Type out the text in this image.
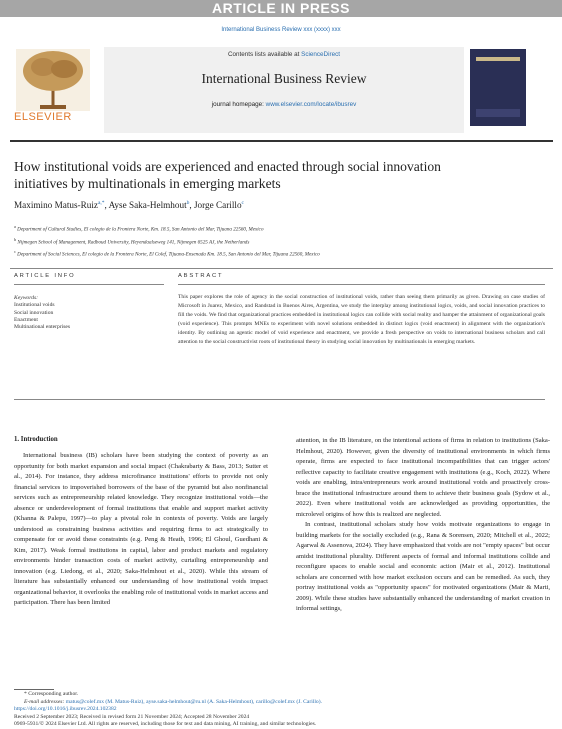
ARTICLE IN PRESS
International Business Review xxx (xxxx) xxx
ELSEVIER
Contents lists available at ScienceDirect
International Business Review
journal homepage: www.elsevier.com/locate/ibusrev
How institutional voids are experienced and enacted through social innovation initiatives by multinationals in emerging markets
Maximino Matus-Ruiz$^{a,*}$, Ayse Saka-Helmhout$^b$, Jorge Carillo$^c$
$^a$ Department of Cultural Studies, El colegio de la Frontera Norte, Km. 18.5, San Antonio del Mar, Tijuana 22560, Mexico
$^b$ Nijmegen School of Management, Radboud University, Heyendaalseweg 141, Nijmegen 6525 AJ, the Netherlands
$^c$ Department of Social Sciences, El colegio de la Frontera Norte, El Colef, Tijuana-Ensenada Km. 18.5, San Antonio del Mar, Tijuana 22560, Mexico
ARTICLE INFO	ABSTRACT
Keywords:
Institutional voids
Social innovation
Enactment
Multinational enterprises
This paper explores the role of agency in the social construction of institutional voids, rather than seeing them primarily as given. Drawing on case studies of Microsoft in Juarez, Mexico, and Randstad in Buenos Aires, Argentina, we study the interplay among institutional logics, voids, and social innovation practices to fill the voids. We find that organizational practices embedded in institutional logics can collide with social reality and hamper the attainment of organizational goals (void experience). This prompts MNEs to experiment with novel solutions embedded in distinct logics (void enactment) in alignment with the organization's identity. By outlining an agentic model of void experience and enactment, we provide a fresh perspective on voids to international business scholars and call attention to the social constructivist roots of institutional theory in studying social innovation by multinationals in emerging markets.
1. Introduction

International business (IB) scholars have been studying the context of poverty as an opportunity for both market expansion and social impact (Chakrabarty & Bass, 2013; Sutter et al., 2014). For instance, they address microfinance institutions' efforts to provide not only financial services to impoverished borrowers of the base of the pyramid but also nonfinancial services such as entrepreneurship related knowledge. They recognize institutional voids—the absence or underdevelopment of formal institutions that enable and support market activity (Khanna & Palepu, 1997)—to play a pivotal role in contexts of poverty. Voids are largely understood as constraining business activities and requiring firms to act strategically to compensate for or avoid these constraints (e.g. Peng & Heath, 1996; El Ghoul, Guedhani & Kim, 2017). Weak formal institutions in capital, labor and product markets and regulatory environments hinder transaction costs of market activity, curtailing entrepreneurship and innovation (e.g. Liedong, et al., 2020; Saka-Helmhout et al., 2020). While this stream of literature has substantially enhanced our understanding of how institutional voids impact organizational behavior, it overlooks the enabling role of institutional voids in market access and participation. There has been limited

attention, in the IB literature, on the intentional actions of firms in relation to institutions (Saka-Helmhout, 2020). However, given the diversity of institutional environments in which firms operate, firms are expected to face institutional incompatibilities that can trigger actors' reflective capacity to facilitate creative engagement with institutions (e.g., Koch, 2022). Where voids are enabling, intra/entrepreneurs work around institutional voids and proactively cross-brace the institutional infrastructure around them to achieve their business goals (Sydow et al., 2022). Even where institutional voids are acknowledged as providing opportunities, the microlevel origins of how this is realized are neglected.

In contrast, institutional scholars study how voids motivate organizations to engage in building markets for the socially excluded (e.g., Rana & Sorensen, 2020; Mitchell et al., 2022; Agarwal & Assenova, 2024). They have emphasized that voids are not "empty spaces" but occur amidst institutional plurality. Different aspects of formal and informal institutions collide and reconfigure spaces to enable social and economic action (Mair et al., 2012). Institutional scholars are concerned with how market exclusion occurs and can be remedied. As such, they portray institutional voids as "opportunity spaces" for motivated organizations (Mair & Marti, 2009). While these studies have substantially enhanced the understanding of market creation in informal settings,

* Corresponding author.
E-mail addresses: matus@colef.mx (M. Matus-Ruiz), ayse.saka-helmhout@ru.nl (A. Saka-Helmhout), carillo@colef.mx (J. Carillo).
https://doi.org/10.1016/j.ibusrev.2024.102382
Received 2 September 2023; Received in revised form 21 November 2024; Accepted 28 November 2024
0969-5931/© 2024 Elsevier Ltd. All rights are reserved, including those for text and data mining, AI training, and similar technologies.
